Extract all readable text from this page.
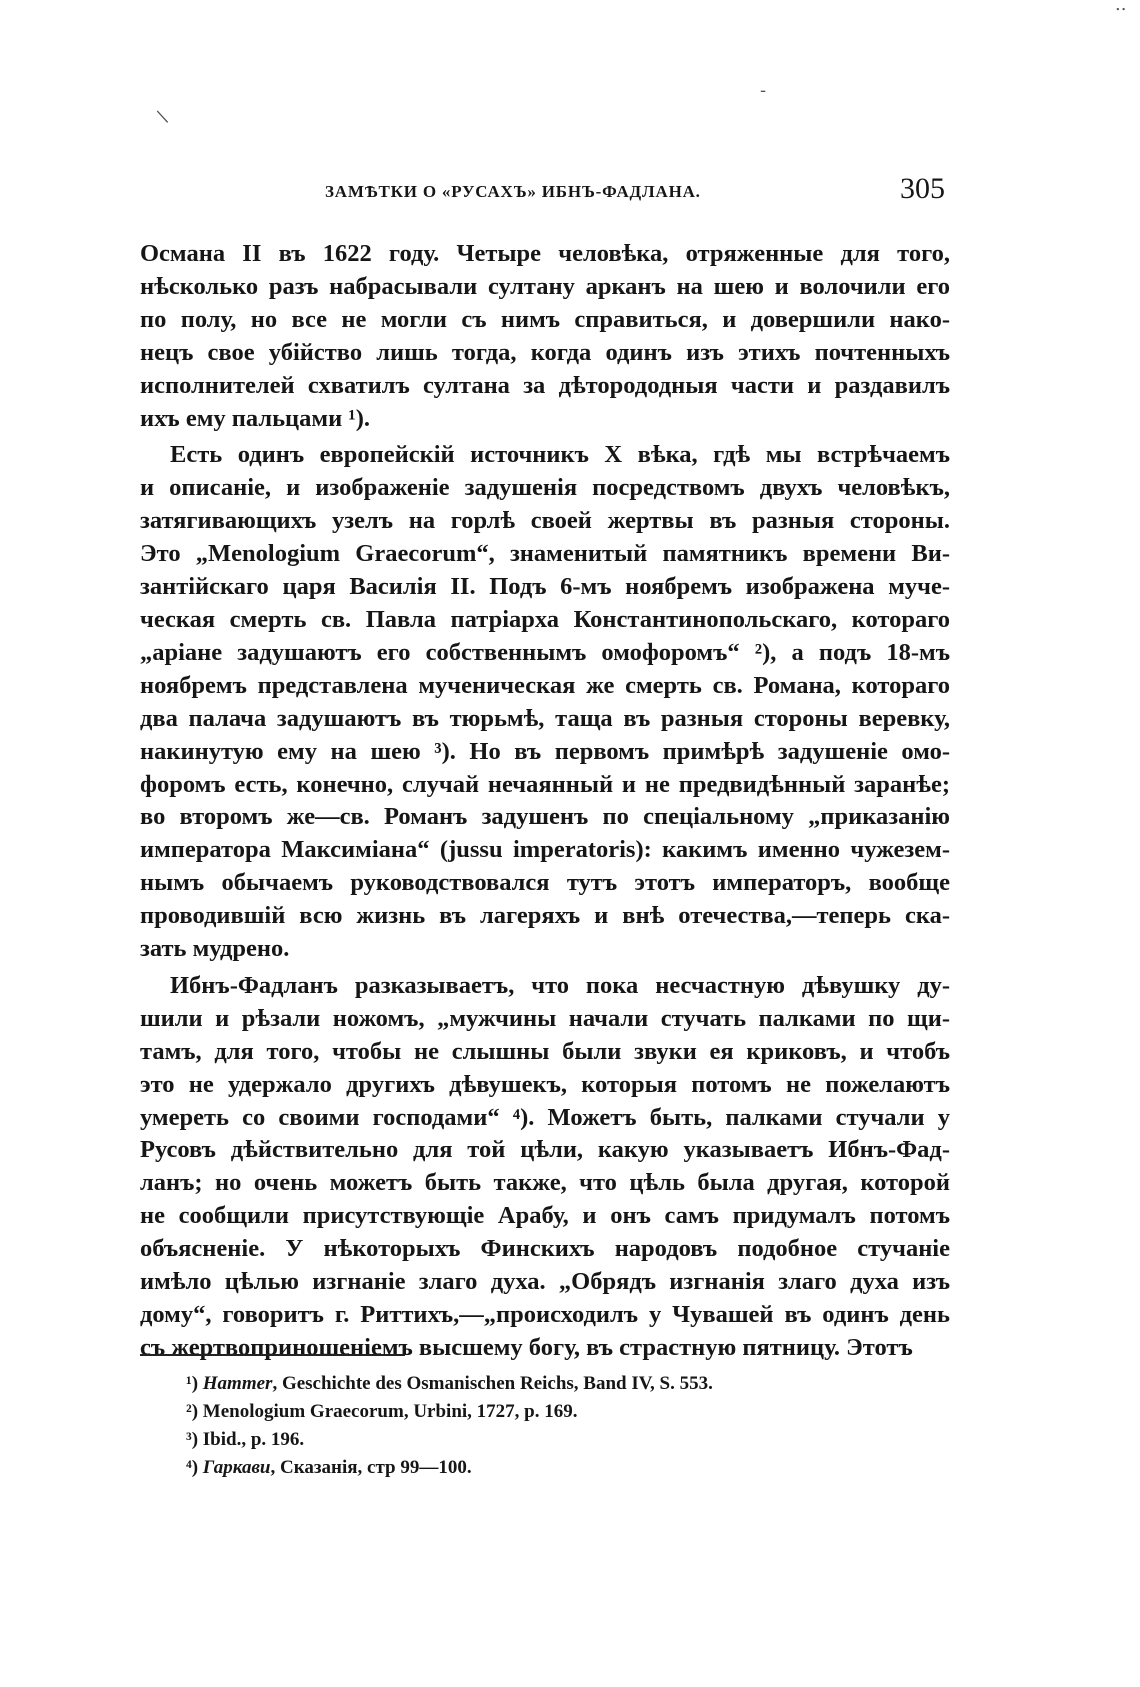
..
/
-
ЗАМѢТКИ О «РУСАХЪ» ИБНЪ-ФАДЛАНА.	305

Османа II въ 1622 году. Четыре человѣка, отряженные для того,
нѣсколько разъ набрасывали султану арканъ на шею и волочили его
по полу, но все не могли съ нимъ справиться, и довершили нако-
нецъ свое убійство лишь тогда, когда одинъ изъ этихъ почтенныхъ
исполнителей схватилъ султана за дѣторододныя части и раздавилъ
ихъ ему пальцами ¹).

Есть одинъ европейскій источникъ X вѣка, гдѣ мы встрѣчаемъ
и описаніе, и изображеніе задушенія посредствомъ двухъ человѣкъ,
затягивающихъ узелъ на горлѣ своей жертвы въ разныя стороны.
Это „Menologium Graecorum“, знаменитый памятникъ времени Ви-
зантійскаго царя Василія II. Подъ 6-мъ ноябремъ изображена муче-
ческая смерть св. Павла патріарха Константинопольскаго, котораго
„аріане задушаютъ его собственнымъ омофоромъ“ ²), а подъ 18-мъ
ноябремъ представлена мученическая же смерть св. Романа, котораго
два палача задушаютъ въ тюрьмѣ, таща въ разныя стороны веревку,
накинутую ему на шею ³). Но въ первомъ примѣрѣ задушеніе омо-
форомъ есть, конечно, случай нечаянный и не предвидѣнный заранѣе;
во второмъ же—св. Романъ задушенъ по спеціальному „приказанію
императора Максиміана“ (jussu imperatoris): какимъ именно чужезем-
нымъ обычаемъ руководствовался тутъ этотъ императоръ, вообще
проводившій всю жизнь въ лагеряхъ и внѣ отечества,—теперь ска-
зать мудрено.

Ибнъ-Фадланъ разказываетъ, что пока несчастную дѣвушку ду-
шили и рѣзали ножомъ, „мужчины начали стучать палками по щи-
тамъ, для того, чтобы не слышны были звуки ея криковъ, и чтобъ
это не удержало другихъ дѣвушекъ, которыя потомъ не пожелаютъ
умереть со своими господами“ ⁴). Можетъ быть, палками стучали у
Русовъ дѣйствительно для той цѣли, какую указываетъ Ибнъ-Фад-
ланъ; но очень можетъ быть также, что цѣль была другая, которой
не сообщили присутствующіе Арабу, и онъ самъ придумалъ потомъ
объясненіе. У нѣкоторыхъ Финскихъ народовъ подобное стучаніе
имѣло цѣлью изгнаніе злаго духа. „Обрядъ изгнанія злаго духа изъ
дому“, говоритъ г. Риттихъ,—„происходилъ у Чувашей въ одинъ день
съ жертвоприношеніемъ высшему богу, въ страстную пятницу. Этотъ

¹) Hammer, Geschichte des Osmanischen Reichs, Band IV, S. 553.
²) Menologium Graecorum, Urbini, 1727, p. 169.
³) Ibid., p. 196.
⁴) Гаркави, Сказанія, стр 99—100.
